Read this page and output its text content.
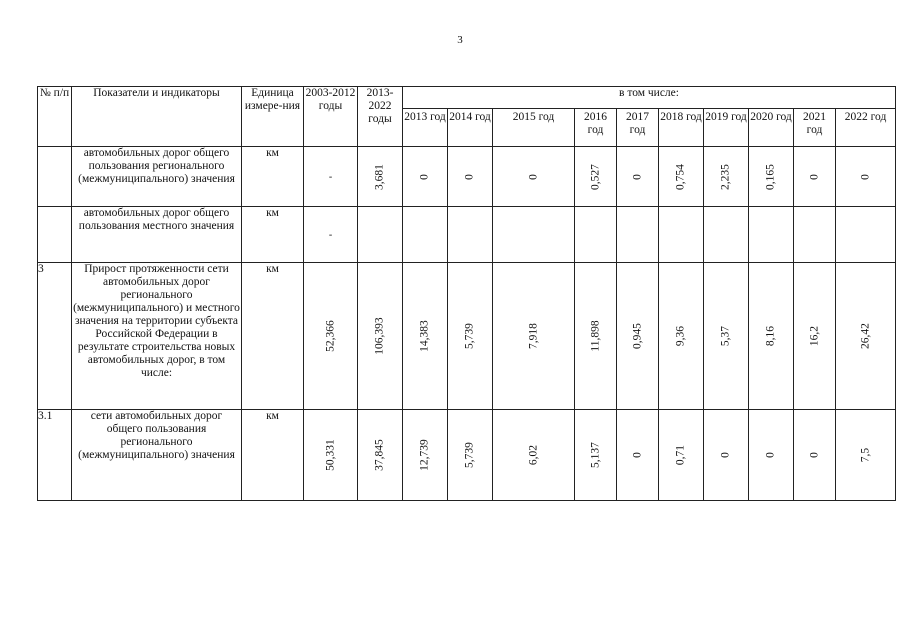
3
№ п/п	Показатели и индикаторы	Единица измере-ния	2003-2012 годы	2013-2022 годы	в том числе:									
					2013 год	2014 год	2015 год	2016 год	2017 год	2018 год	2019 год	2020 год	2021 год	2022 год
	автомобильных дорог общего пользования регионального (межмуниципального) значения	км	-	3,681	0	0	0	0,527	0	0,754	2,235	0,165	0	0

	автомобильных дорог общего пользования местного значения	км	-											

3	Прирост протяженности сети автомобильных дорог регионального (межмуниципального) и местного значения на территории субъекта Российской Федерации в результате строительства новых автомобильных дорог, в том числе:	км	52,366	106,393	14,383	5,739	7,918	11,898	0,945	9,36	5,37	8,16	16,2	26,42

3.1	сети автомобильных дорог общего пользования регионального (межмуниципального) значения	км	50,331	37,845	12,739	5,739	6,02	5,137	0	0,71	0	0	0	7,5
